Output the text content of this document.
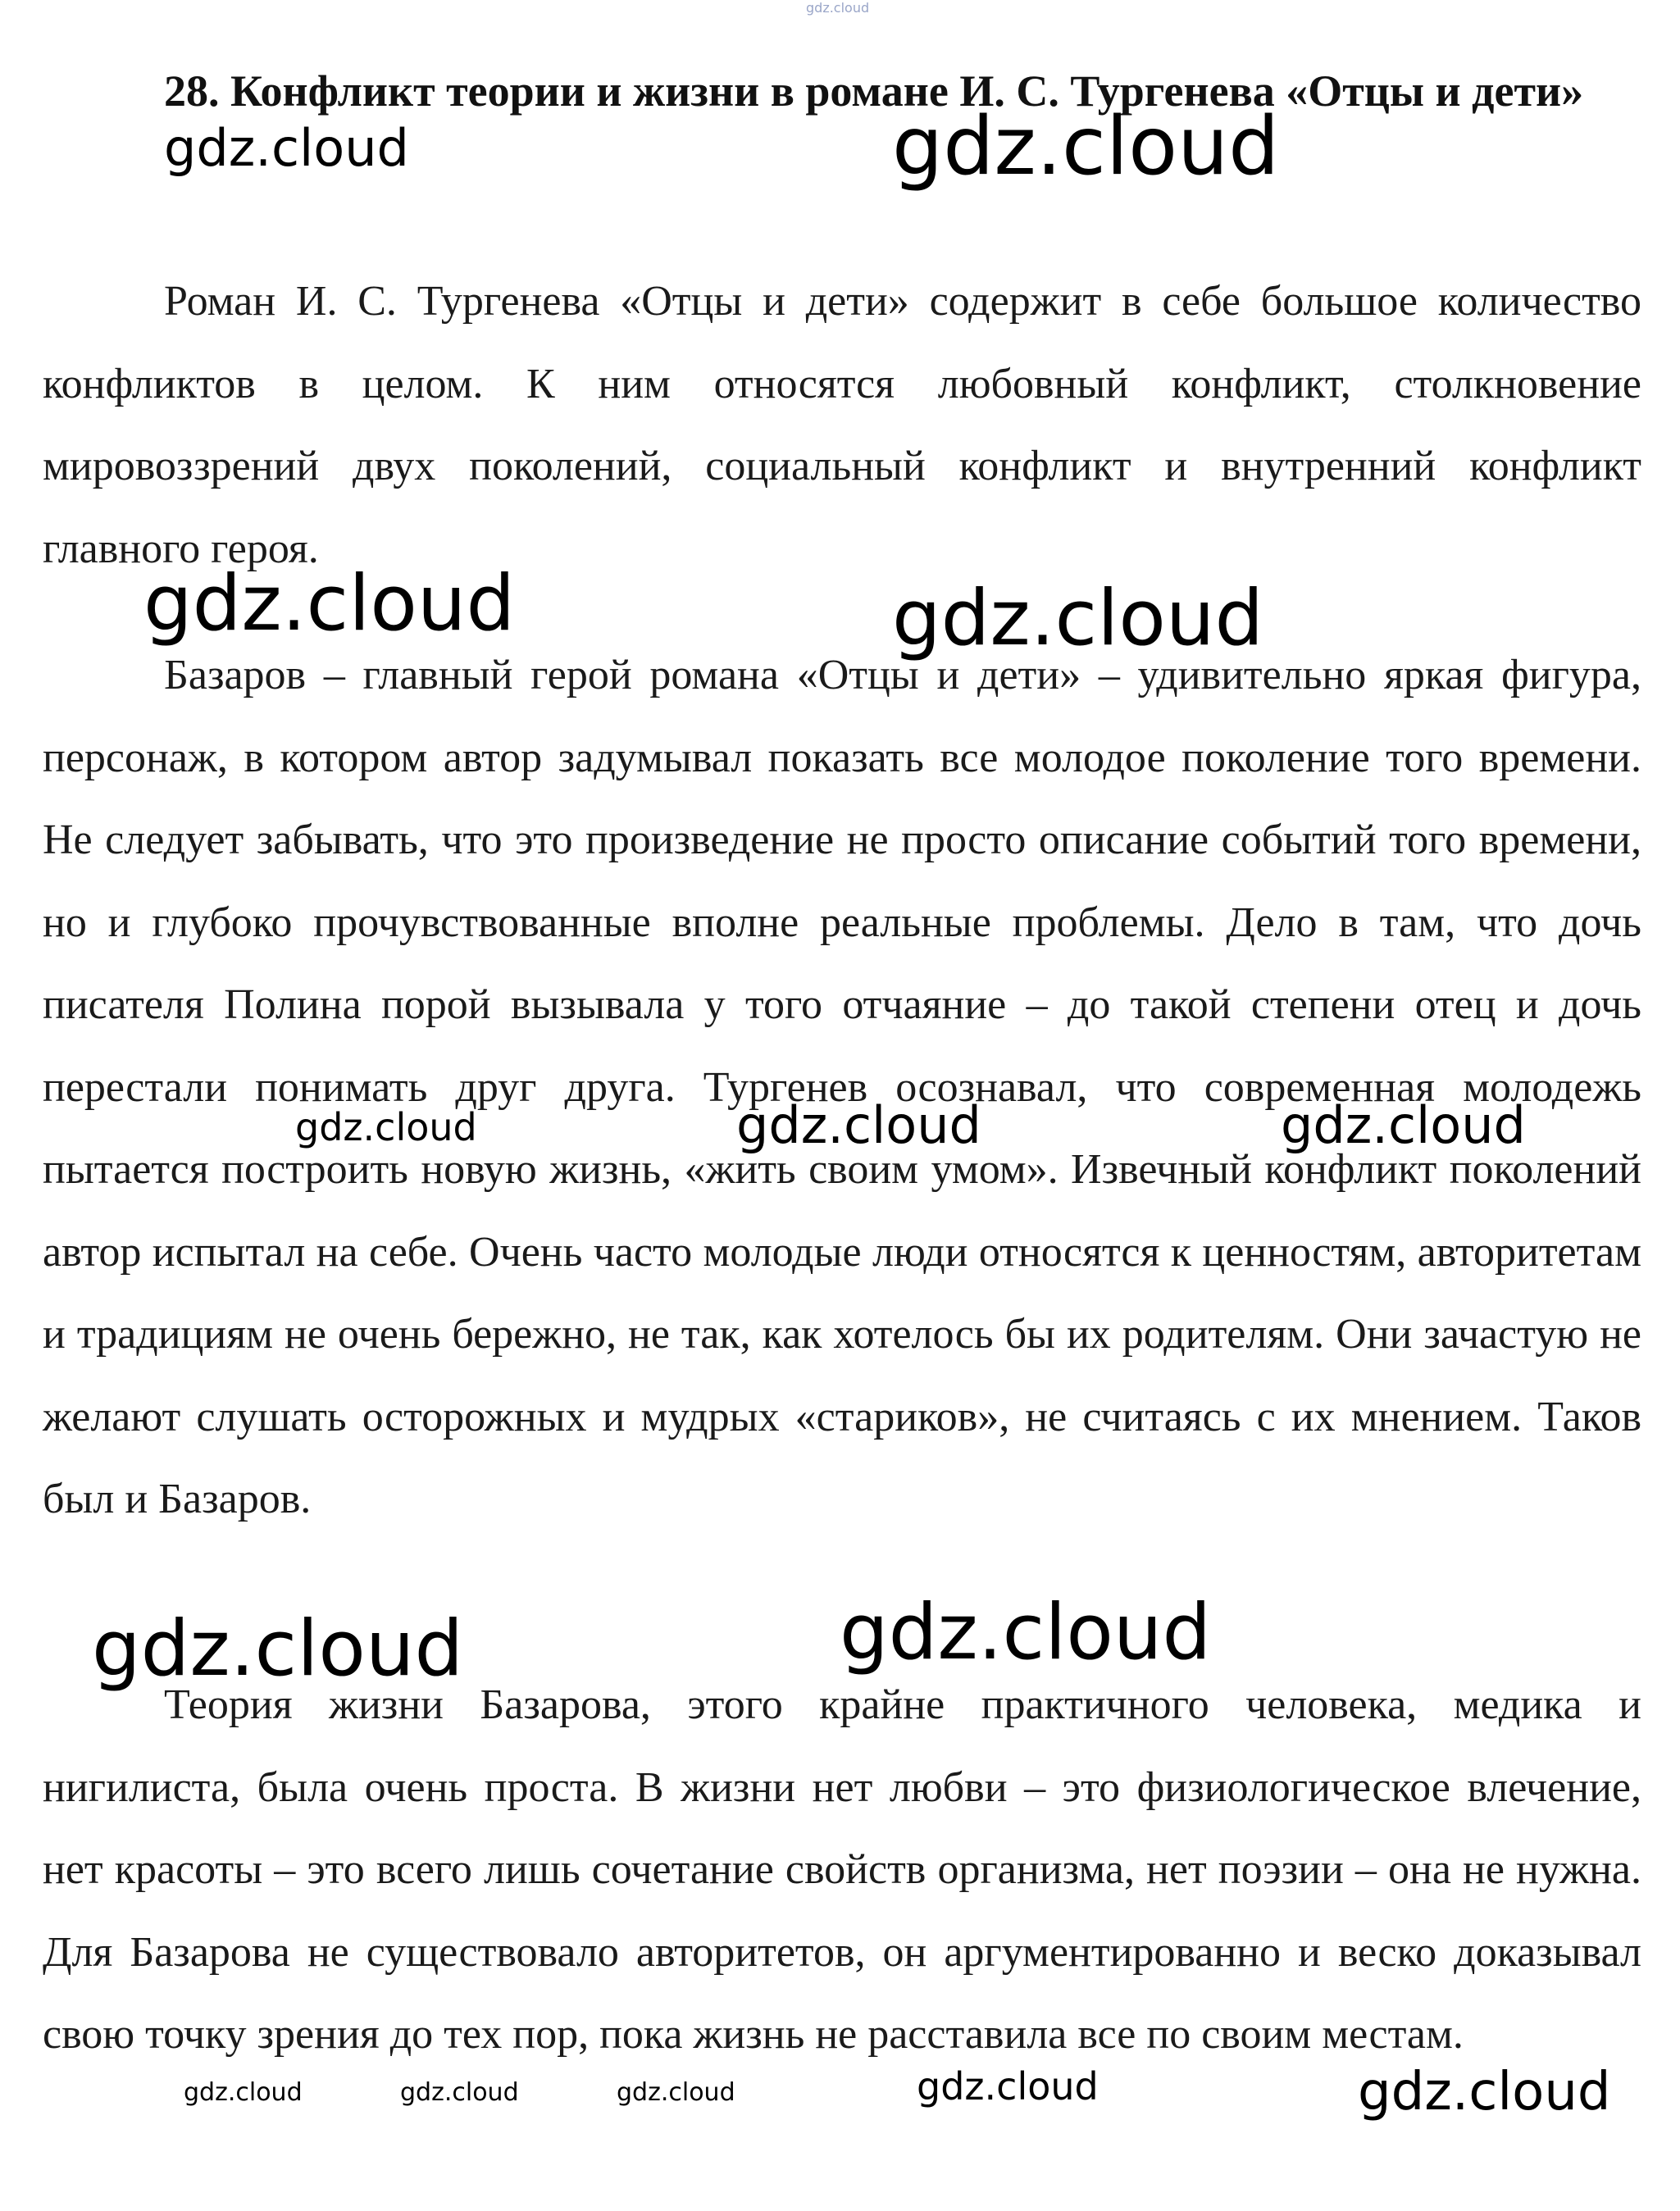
28. Конфликт теории и жизни в романе И. С. Тургенева «Отцы и дети»

Роман И. С. Тургенева «Отцы и дети» содержит в себе большое количество конфликтов в целом. К ним относятся любовный конфликт, столкновение мировоззрений двух поколений, социальный конфликт и внутренний конфликт главного героя.

Базаров – главный герой романа «Отцы и дети» – удивительно яркая фигура, персонаж, в котором автор задумывал показать все молодое поколение того времени. Не следует забывать, что это произведение не просто описание событий того времени, но и глубоко прочувствованные вполне реальные проблемы. Дело в там, что дочь писателя Полина порой вызывала у того отчаяние – до такой степени отец и дочь перестали понимать друг друга. Тургенев осознавал, что современная молодежь пытается построить новую жизнь, «жить своим умом». Извечный конфликт поколений автор испытал на себе. Очень часто молодые люди относятся к ценностям, авторитетам и традициям не очень бережно, не так, как хотелось бы их родителям. Они зачастую не желают слушать осторожных и мудрых «стариков», не считаясь с их мнением. Таков был и Базаров.

Теория жизни Базарова, этого крайне практичного человека, медика и нигилиста, была очень проста. В жизни нет любви – это физиологическое влечение, нет красоты – это всего лишь сочетание свойств организма, нет поэзии – она не нужна. Для Базарова не существовало авторитетов, он аргументированно и веско доказывал свою точку зрения до тех пор, пока жизнь не расставила все по своим местам.

gdz.cloud
gdz.cloud	gdz.cloud
gdz.cloud	gdz.cloud
gdz.cloud	gdz.cloud	gdz.cloud
gdz.cloud	gdz.cloud
gdz.cloud	gdz.cloud	gdz.cloud	gdz.cloud	gdz.cloud
